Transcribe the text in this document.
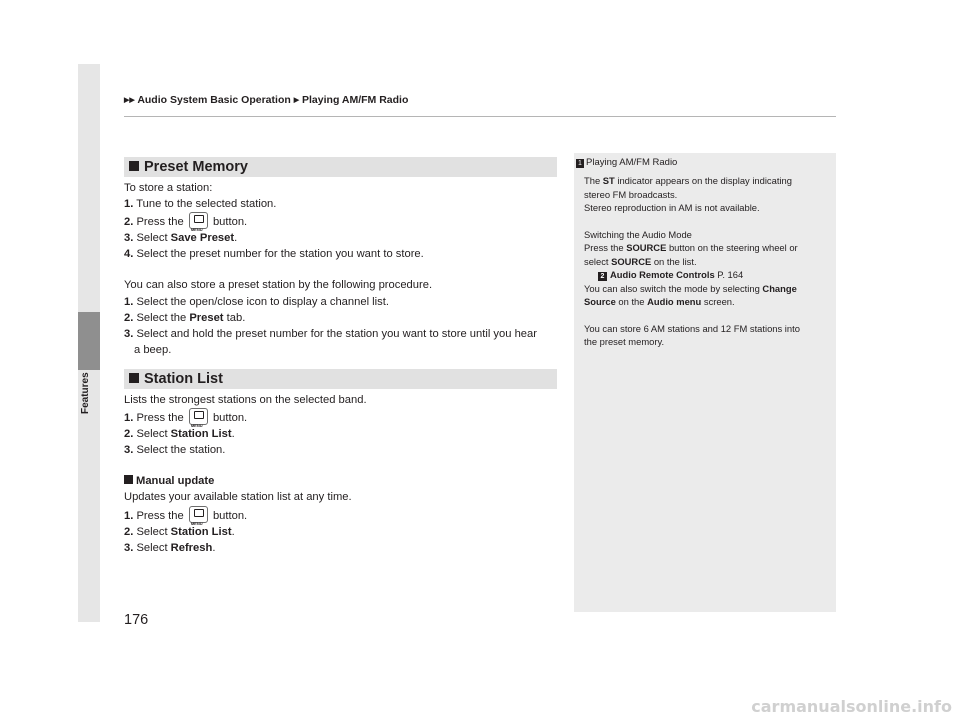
Features
▶▶ Audio System Basic Operation ▶ Playing AM/FM Radio
Preset Memory
To store a station:
1. Tune to the selected station.
2. Press the MENU	button.
3. Select Save Preset.
4. Select the preset number for the station you want to store.
You can also store a preset station by the following procedure.
1. Select the open/close icon to display a channel list.
2. Select the Preset tab.
3. Select and hold the preset number for the station you want to store until you hear
a beep.
Station List
Lists the strongest stations on the selected band.
1. Press the MENU	button.
2. Select Station List.
3. Select the station.
Manual update
Updates your available station list at any time.
1. Press the MENU	button.
2. Select Station List.
3. Select Refresh.
1 Playing AM/FM Radio
The ST indicator appears on the display indicating
stereo FM broadcasts.
Stereo reproduction in AM is not available.
Switching the Audio Mode
Press the SOURCE button on the steering wheel or
select SOURCE on the list.
2 Audio Remote Controls P. 164
You can also switch the mode by selecting Change
Source on the Audio menu screen.
You can store 6 AM stations and 12 FM stations into
the preset memory.
176
carmanualsonline.info
